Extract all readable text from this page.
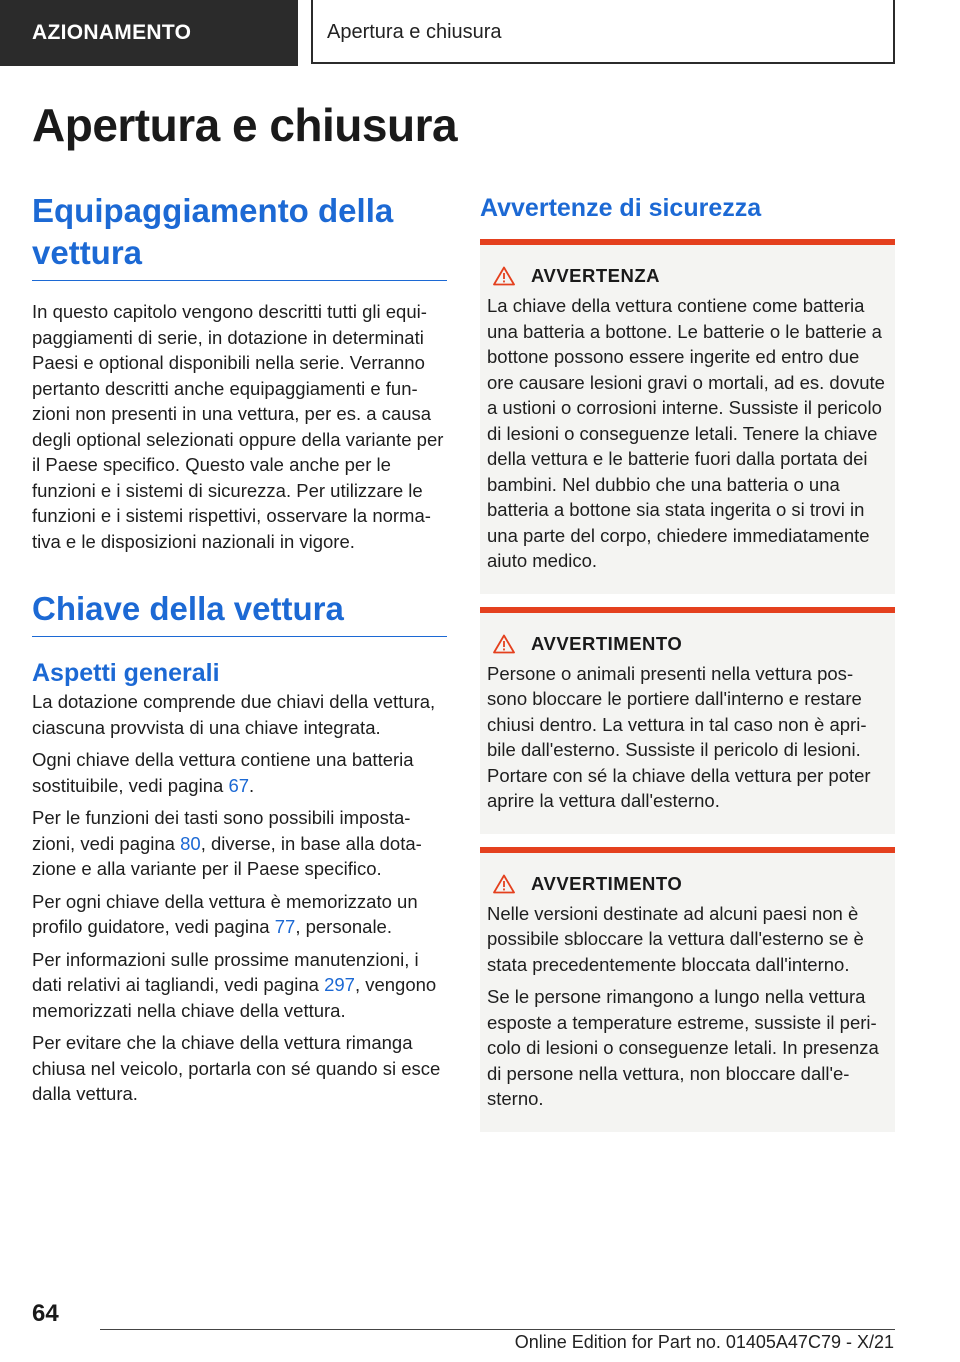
AZIONAMENTO	Apertura e chiusura
Apertura e chiusura
Equipaggiamento della vettura

In questo capitolo vengono descritti tutti gli equipaggiamenti di serie, in dotazione in determinati Paesi e optional disponibili nella serie. Verranno pertanto descritti anche equipaggiamenti e funzioni non presenti in una vettura, per es. a causa degli optional selezionati oppure della variante per il Paese specifico. Questo vale anche per le funzioni e i sistemi di sicurezza. Per utilizzare le funzioni e i sistemi rispettivi, osservare la normativa e le disposizioni nazionali in vigore.

Chiave della vettura
Aspetti generali

La dotazione comprende due chiavi della vettura, ciascuna provvista di una chiave integrata.

Ogni chiave della vettura contiene una batteria sostituibile, vedi pagina 67.

Per le funzioni dei tasti sono possibili impostazioni, vedi pagina 80, diverse, in base alla dotazione e alla variante per il Paese specifico.

Per ogni chiave della vettura è memorizzato un profilo guidatore, vedi pagina 77, personale.

Per informazioni sulle prossime manutenzioni, i dati relativi ai tagliandi, vedi pagina 297, vengono memorizzati nella chiave della vettura.

Per evitare che la chiave della vettura rimanga chiusa nel veicolo, portarla con sé quando si esce dalla vettura.

Avvertenze di sicurezza
AVVERTENZA

La chiave della vettura contiene come batteria una batteria a bottone. Le batterie o le batterie a bottone possono essere ingerite ed entro due ore causare lesioni gravi o mortali, ad es. dovute a ustioni o corrosioni interne. Sussiste il pericolo di lesioni o conseguenze letali. Tenere la chiave della vettura e le batterie fuori dalla portata dei bambini. Nel dubbio che una batteria o una batteria a bottone sia stata ingerita o si trovi in una parte del corpo, chiedere immediatamente aiuto medico.

AVVERTIMENTO

Persone o animali presenti nella vettura possono bloccare le portiere dall'interno e restare chiusi dentro. La vettura in tal caso non è apribile dall'esterno. Sussiste il pericolo di lesioni. Portare con sé la chiave della vettura per poter aprire la vettura dall'esterno.

AVVERTIMENTO

Nelle versioni destinate ad alcuni paesi non è possibile sbloccare la vettura dall'esterno se è stata precedentemente bloccata dall'interno.

Se le persone rimangono a lungo nella vettura esposte a temperature estreme, sussiste il pericolo di lesioni o conseguenze letali. In presenza di persone nella vettura, non bloccare dall'esterno.

64
Online Edition for Part no. 01405A47C79 - X/21
